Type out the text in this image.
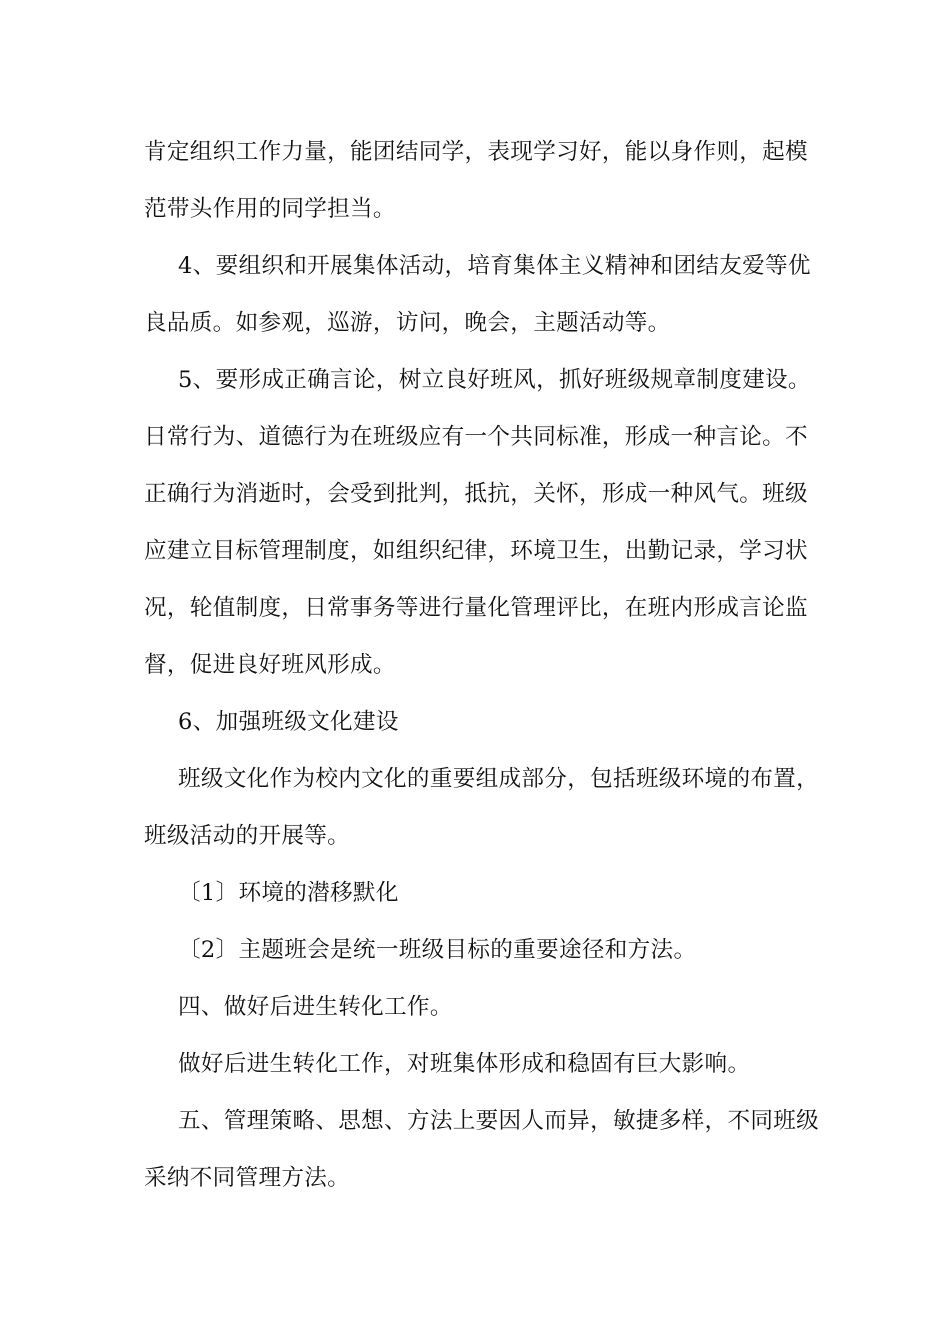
肯定组织工作力量，能团结同学，表现学习好，能以身作则，起模
范带头作用的同学担当。
4、要组织和开展集体活动，培育集体主义精神和团结友爱等优
良品质。如参观，巡游，访问，晚会，主题活动等。
5、要形成正确言论，树立良好班风，抓好班级规章制度建设。
日常行为、道德行为在班级应有一个共同标准，形成一种言论。不
正确行为消逝时，会受到批判，抵抗，关怀，形成一种风气。班级
应建立目标管理制度，如组织纪律，环境卫生，出勤记录，学习状
况，轮值制度，日常事务等进行量化管理评比，在班内形成言论监
督，促进良好班风形成。
6、加强班级文化建设
班级文化作为校内文化的重要组成部分，包括班级环境的布置，
班级活动的开展等。
〔1〕环境的潜移默化
〔2〕主题班会是统一班级目标的重要途径和方法。
四、做好后进生转化工作。
做好后进生转化工作，对班集体形成和稳固有巨大影响。
五、管理策略、思想、方法上要因人而异，敏捷多样，不同班级
采纳不同管理方法。
